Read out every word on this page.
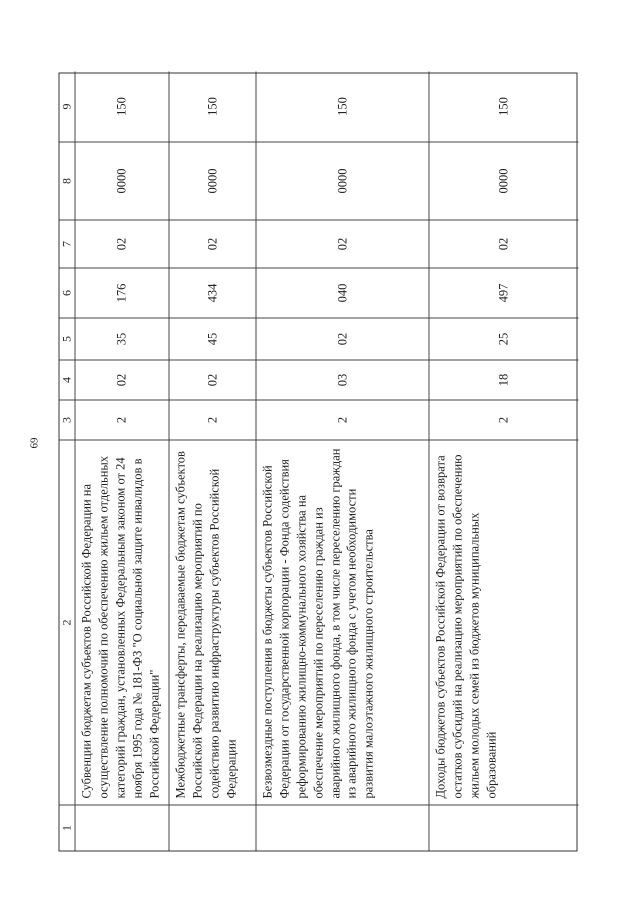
69
1
2
3
4
5
6
7
8
9
Субвенции бюджетам субъектов Российской Федерации на осуществление полномочий по обеспечению жильем отдельных категорий граждан, установленных Федеральным законом от 24 ноября 1995 года № 181-ФЗ "О социальной защите инвалидов в Российской Федерации"
2
02
35
176
02
0000
150
Межбюджетные трансферты, передаваемые бюджетам субъектов Российской Федерации на реализацию мероприятий по содействию развитию инфраструктуры субъектов Российской Федерации
2
02
45
434
02
0000
150
Безвозмездные поступления в бюджеты субъектов Российской Федерации от государственной корпорации - Фонда содействия реформированию жилищно-коммунального хозяйства на обеспечение мероприятий по переселению граждан из аварийного жилищного фонда, в том числе переселению граждан из аварийного жилищного фонда с учетом необходимости развития малоэтажного жилищного строительства
2
03
02
040
02
0000
150
Доходы бюджетов субъектов Российской Федерации от возврата остатков субсидий на реализацию мероприятий по обеспечению жильем молодых семей из бюджетов муниципальных образований
2
18
25
497
02
0000
150
